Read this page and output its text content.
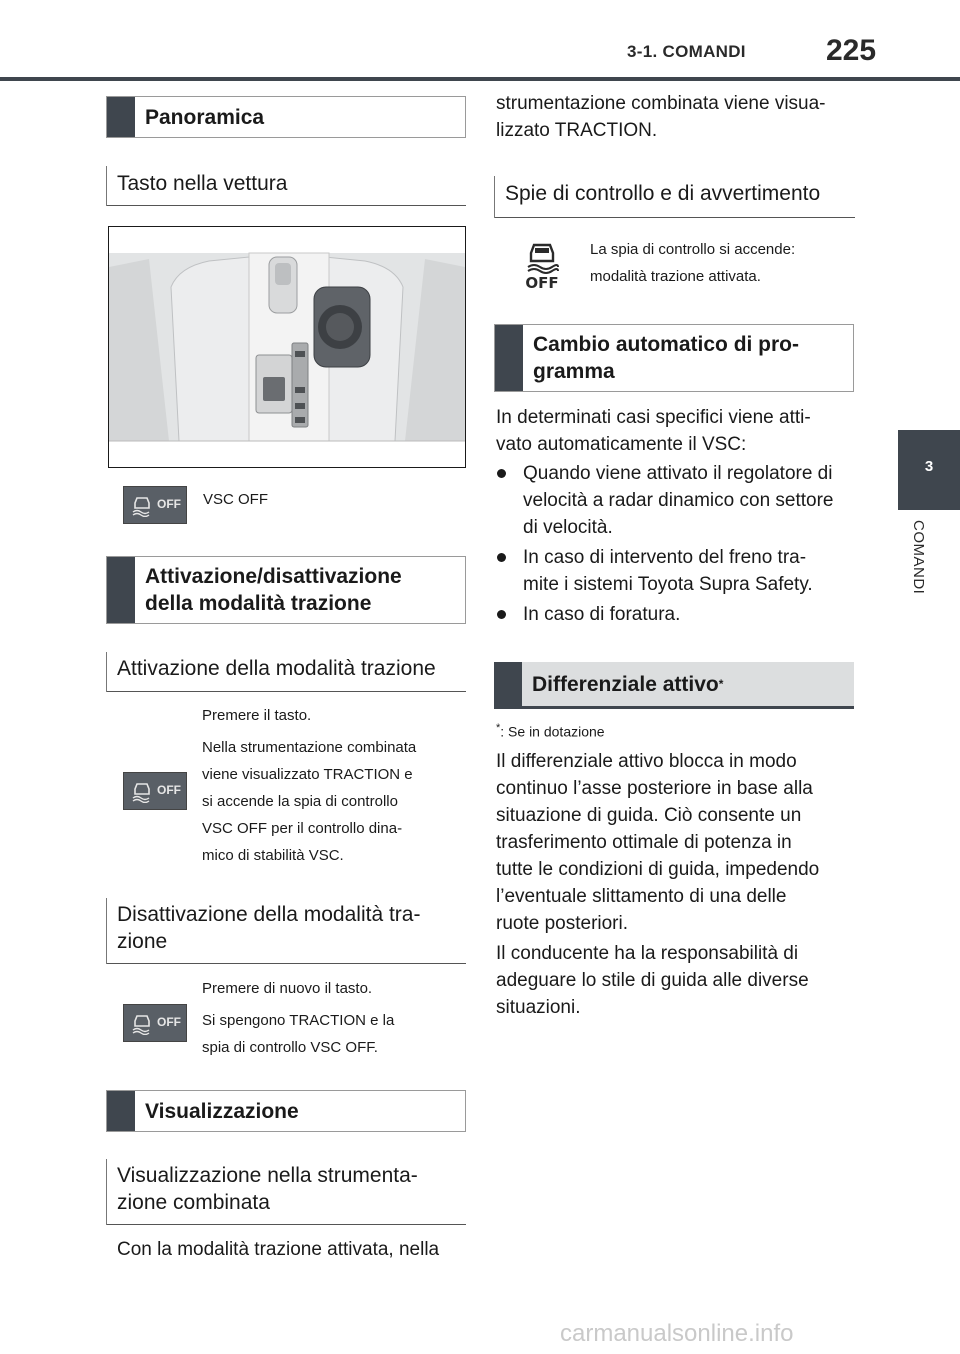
3-1. COMANDI	225
3
COMANDI
Panoramica
Tasto nella vettura
OFF VSC OFF
Attivazione/disattivazione
della modalità trazione
Attivazione della modalità trazione
Premere il tasto.
Nella strumentazione combinata
viene visualizzato TRACTION e
si accende la spia di controllo
VSC OFF per il controllo dina-
mico di stabilità VSC.
OFF
Disattivazione della modalità tra-
zione
Premere di nuovo il tasto.
Si spengono TRACTION e la
spia di controllo VSC OFF.
OFF
Visualizzazione
Visualizzazione nella strumenta-
zione combinata
Con la modalità trazione attivata, nella
strumentazione combinata viene visua-
lizzato TRACTION.
Spie di controllo e di avvertimento
OFF
La spia di controllo si accende:
modalità trazione attivata.
Cambio automatico di pro-
gramma
In determinati casi specifici viene atti-
vato automaticamente il VSC:
Quando viene attivato il regolatore di
velocità a radar dinamico con settore
di velocità.
In caso di intervento del freno tra-
mite i sistemi Toyota Supra Safety.
In caso di foratura.
Differenziale attivo *
*: Se in dotazione
Il differenziale attivo blocca in modo
continuo l’asse posteriore in base alla
situazione di guida. Ciò consente un
trasferimento ottimale di potenza in
tutte le condizioni di guida, impedendo
l’eventuale slittamento di una delle
ruote posteriori.
Il conducente ha la responsabilità di
adeguare lo stile di guida alle diverse
situazioni.
carmanualsonline.info
